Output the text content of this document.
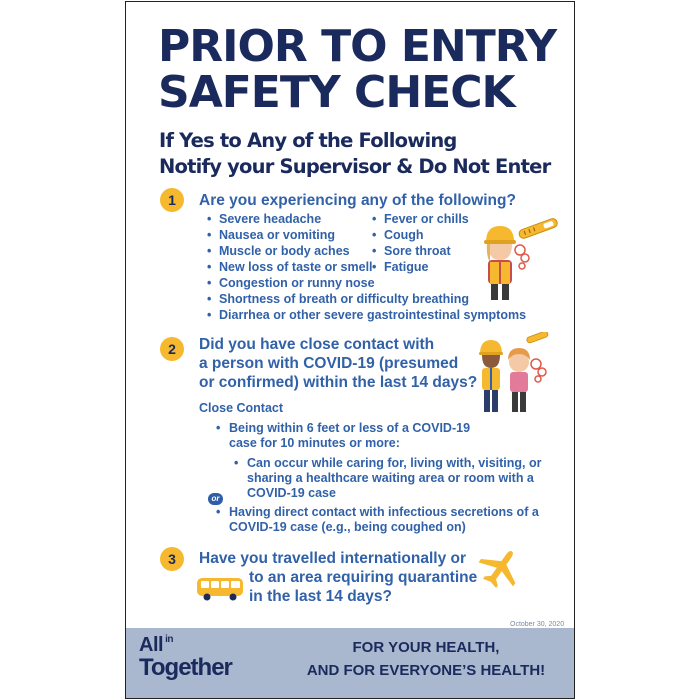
PRIOR TO ENTRY
SAFETY CHECK
If Yes to Any of the Following
Notify your Supervisor & Do Not Enter
1	Are you experiencing any of the following?
• Severe headache
• Nausea or vomiting
• Muscle or body aches
• New loss of taste or smell
• Fever or chills
• Cough
• Sore throat
• Fatigue
• Congestion or runny nose
• Shortness of breath or difficulty breathing
• Diarrhea or other severe gastrointestinal symptoms
2	Did you have close contact with
a person with COVID-19 (presumed
or confirmed) within the last 14 days?
Close Contact
• Being within 6 feet or less of a COVID-19
case for 10 minutes or more:
• Can occur while caring for, living with, visiting, or
sharing a healthcare waiting area or room with a
COVID-19 case
or
• Having direct contact with infectious secretions of a
COVID-19 case (e.g., being coughed on)
3	Have you travelled internationally or
to an area requiring quarantine
in the last 14 days?
October 30, 2020
All in
Together
FOR YOUR HEALTH,
AND FOR EVERYONE’S HEALTH!
